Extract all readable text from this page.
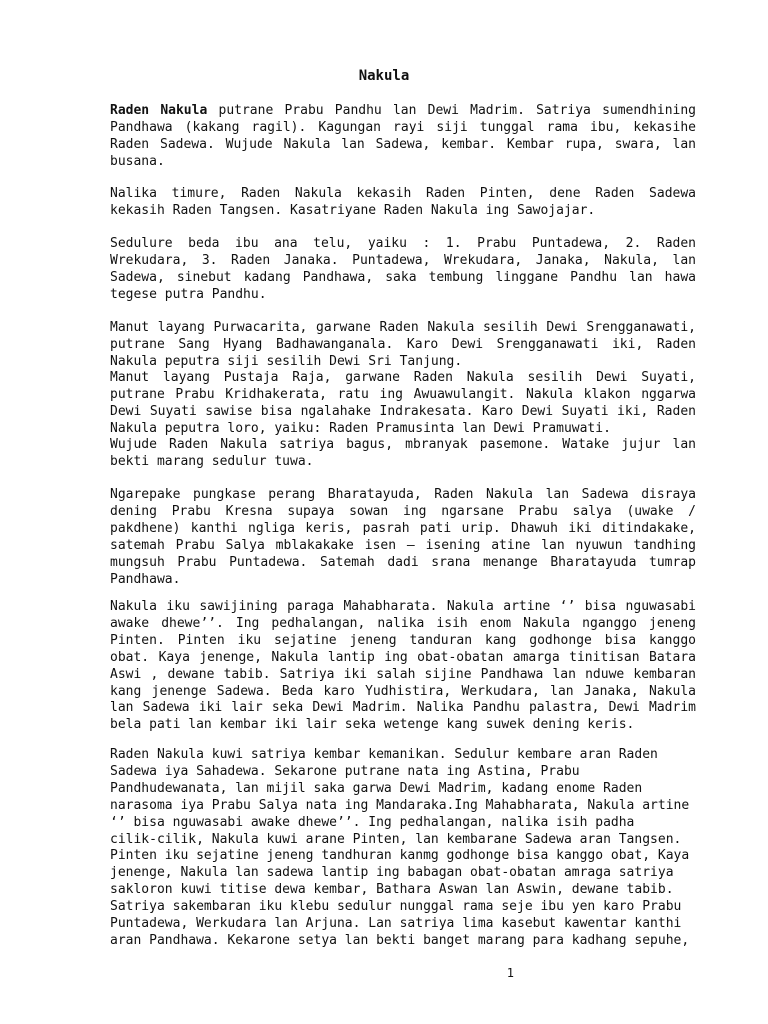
Nakula

Raden Nakula putrane Prabu Pandhu lan Dewi Madrim. Satriya sumendhining Pandhawa (kakang ragil). Kagungan rayi siji tunggal rama ibu, kekasihe Raden Sadewa. Wujude Nakula lan Sadewa, kembar. Kembar rupa, swara, lan busana.

Nalika timure, Raden Nakula kekasih Raden Pinten, dene Raden Sadewa kekasih Raden Tangsen. Kasatriyane Raden Nakula ing Sawojajar.

Sedulure beda ibu ana telu, yaiku : 1. Prabu Puntadewa, 2. Raden Wrekudara, 3. Raden Janaka. Puntadewa, Wrekudara, Janaka, Nakula, lan Sadewa, sinebut kadang Pandhawa, saka tembung linggane Pandhu lan hawa tegese putra Pandhu.

Manut layang Purwacarita, garwane Raden Nakula sesilih Dewi Srengganawati, putrane Sang Hyang Badhawanganala. Karo Dewi Srengganawati iki, Raden Nakula peputra siji sesilih Dewi Sri Tanjung.

Manut layang Pustaja Raja, garwane Raden Nakula sesilih Dewi Suyati, putrane Prabu Kridhakerata, ratu ing Awuawulangit. Nakula klakon nggarwa Dewi Suyati sawise bisa ngalahake Indrakesata. Karo Dewi Suyati iki, Raden Nakula peputra loro, yaiku: Raden Pramusinta lan Dewi Pramuwati.

Wujude Raden Nakula satriya bagus, mbranyak pasemone. Watake jujur lan bekti marang sedulur tuwa.

Ngarepake pungkase perang Bharatayuda, Raden Nakula lan Sadewa disraya dening Prabu Kresna supaya sowan ing ngarsane Prabu salya (uwake / pakdhene) kanthi ngliga keris, pasrah pati urip. Dhawuh iki ditindakake, satemah Prabu Salya mblakakake isen – isening atine lan nyuwun tandhing mungsuh Prabu Puntadewa. Satemah dadi srana menange Bharatayuda tumrap Pandhawa.

Nakula iku sawijining paraga Mahabharata. Nakula artine ‘’ bisa nguwasabi awake dhewe’’. Ing pedhalangan, nalika isih enom Nakula nganggo jeneng Pinten. Pinten iku sejatine jeneng tanduran kang godhonge bisa kanggo obat. Kaya jenenge, Nakula lantip ing obat-obatan amarga tinitisan Batara Aswi , dewane tabib. Satriya iki salah sijine Pandhawa lan nduwe kembaran kang jenenge Sadewa. Beda karo Yudhistira, Werkudara, lan Janaka, Nakula lan Sadewa iki lair seka Dewi Madrim. Nalika Pandhu palastra, Dewi Madrim bela pati lan kembar iki lair seka wetenge kang suwek dening keris.

Raden Nakula kuwi satriya kembar kemanikan. Sedulur kembare aran Raden
Sadewa iya Sahadewa. Sekarone putrane nata ing Astina, Prabu
Pandhudewanata, lan mijil saka garwa Dewi Madrim, kadang enome Raden
narasoma iya Prabu Salya nata ing Mandaraka.Ing Mahabharata, Nakula artine
‘’ bisa nguwasabi awake dhewe’’. Ing pedhalangan, nalika isih padha
cilik-cilik, Nakula kuwi arane Pinten, lan kembarane Sadewa aran Tangsen.
Pinten iku sejatine jeneng tandhuran kanmg godhonge bisa kanggo obat, Kaya
jenenge, Nakula lan sadewa lantip ing babagan obat-obatan amraga satriya
sakloron kuwi titise dewa kembar, Bathara Aswan lan Aswin, dewane tabib.
Satriya sakembaran iku klebu sedulur nunggal rama seje ibu yen karo Prabu
Puntadewa, Werkudara lan Arjuna. Lan satriya lima kasebut kawentar kanthi
aran Pandhawa. Kekarone setya lan bekti banget marang para kadhang sepuhe,
1
